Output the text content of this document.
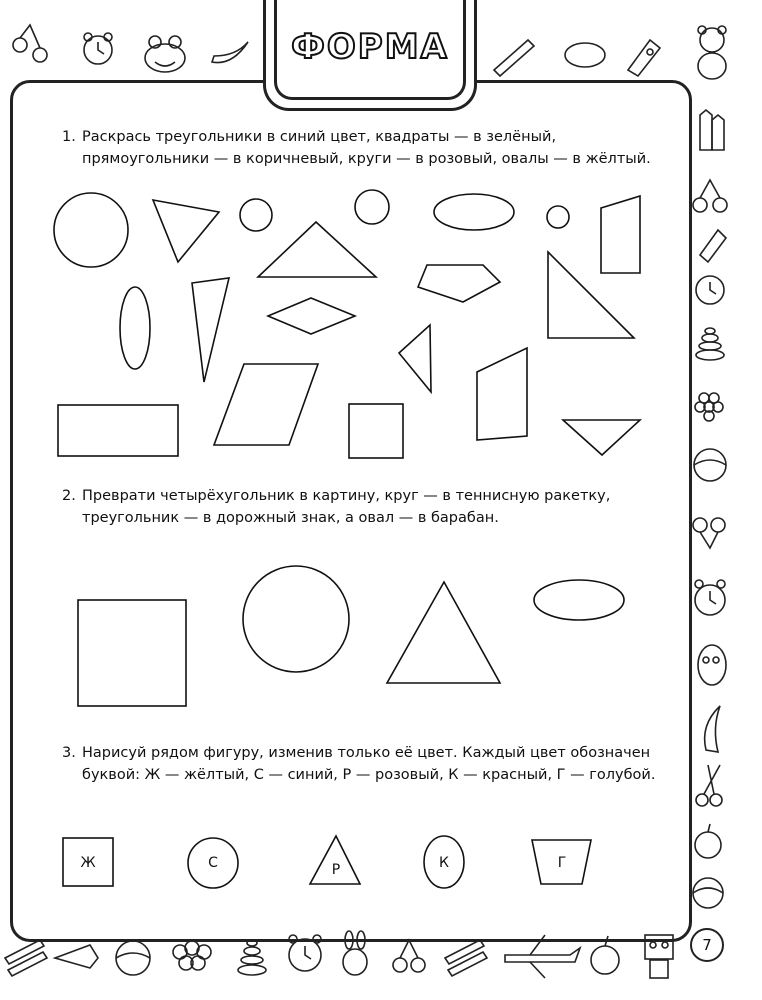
ФОРМА
1. Раскрась треугольники в синий цвет, квадраты — в зелёный, прямоугольники — в коричневый, круги — в розовый, овалы — в жёлтый.
2. Преврати четырёхугольник в картину, круг — в теннисную ракетку, треугольник — в дорожный знак, а овал — в барабан.
3. Нарисуй рядом фигуру, изменив только её цвет. Каждый цвет обозначен буквой: Ж — жёлтый, С — синий, Р — розовый, К — красный, Г — голубой.
Ж	С	Р	К	Г
7
